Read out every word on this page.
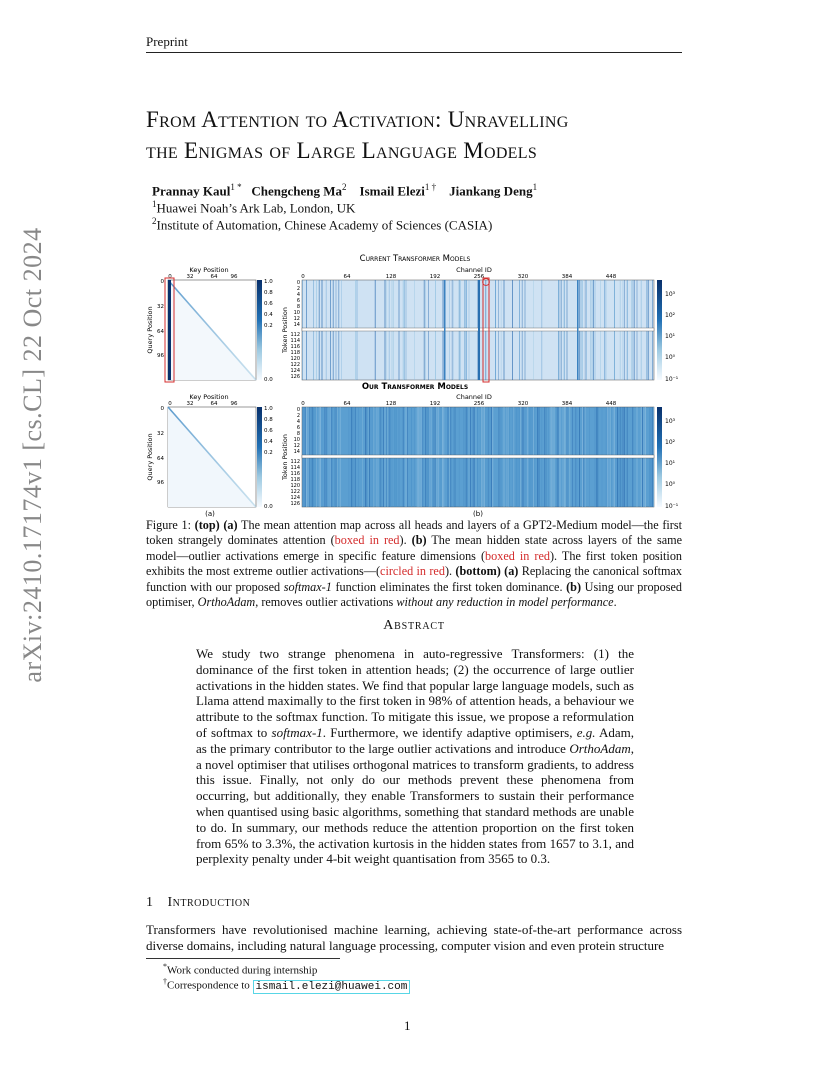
Preprint
arXiv:2410.17174v1 [cs.CL] 22 Oct 2024
From Attention to Activation: Unravelling
the Enigmas of Large Language Models
Prannay Kaul$^{1 *}$ Chengcheng Ma$^2$ Ismail Elezi$^{1 \dagger}$ Jiankang Deng$^1$
$^1$Huawei Noah’s Ark Lab, London, UK
$^2$Institute of Automation, Chinese Academy of Sciences (CASIA)
Current Transformer Models
Key Position
0	32	64 96
Query Position
0
32
64
96
1.0
0.8
0.6
0.4
0.2
0.0
Channel ID
0	64	128	192	256	320	384	448
Token Position
0
2
4
6
8
10
12
14
112
114
116
118
120
122
124
126
10³
10²
10¹
10⁰
10⁻¹
Our Transformer Models
Key Position
0	32	64 96
Query Position
0
32
64
96
1.0
0.8
0.6
0.4
0.2
0.0
Channel ID
0	64	128	192	256	320	384	448
Token Position
0
2
4
6
8
10
12
14
112
114
116
118
120
122
124
126
10³
10²
10¹
10⁰
10⁻¹
(a)	(b)
Figure 1: (top) (a) The mean attention map across all heads and layers of a GPT2-Medium model—the first token strangely dominates attention (boxed in red). (b) The mean hidden state across layers of the same model—outlier activations emerge in specific feature dimensions (boxed in red). The first token position exhibits the most extreme outlier activations—(circled in red). (bottom) (a) Replacing the canonical softmax function with our proposed softmax-1 function eliminates the first token dominance. (b) Using our proposed optimiser, OrthoAdam, removes outlier activations without any reduction in model performance.
Abstract
We study two strange phenomena in auto-regressive Transformers: (1) the dominance of the first token in attention heads; (2) the occurrence of large outlier activations in the hidden states. We find that popular large language models, such as Llama attend maximally to the first token in 98% of attention heads, a behaviour we attribute to the softmax function. To mitigate this issue, we propose a reformulation of softmax to softmax-1. Furthermore, we identify adaptive optimisers, e.g. Adam, as the primary contributor to the large outlier activations and introduce OrthoAdam, a novel optimiser that utilises orthogonal matrices to transform gradients, to address this issue. Finally, not only do our methods prevent these phenomena from occurring, but additionally, they enable Transformers to sustain their performance when quantised using basic algorithms, something that standard methods are unable to do. In summary, our methods reduce the attention proportion on the first token from 65% to 3.3%, the activation kurtosis in the hidden states from 1657 to 3.1, and perplexity penalty under 4-bit weight quantisation from 3565 to 0.3.
1 Introduction
Transformers have revolutionised machine learning, achieving state-of-the-art performance across diverse domains, including natural language processing, computer vision and even protein structure
*Work conducted during internship
†Correspondence to ismail.elezi@huawei.com
1
